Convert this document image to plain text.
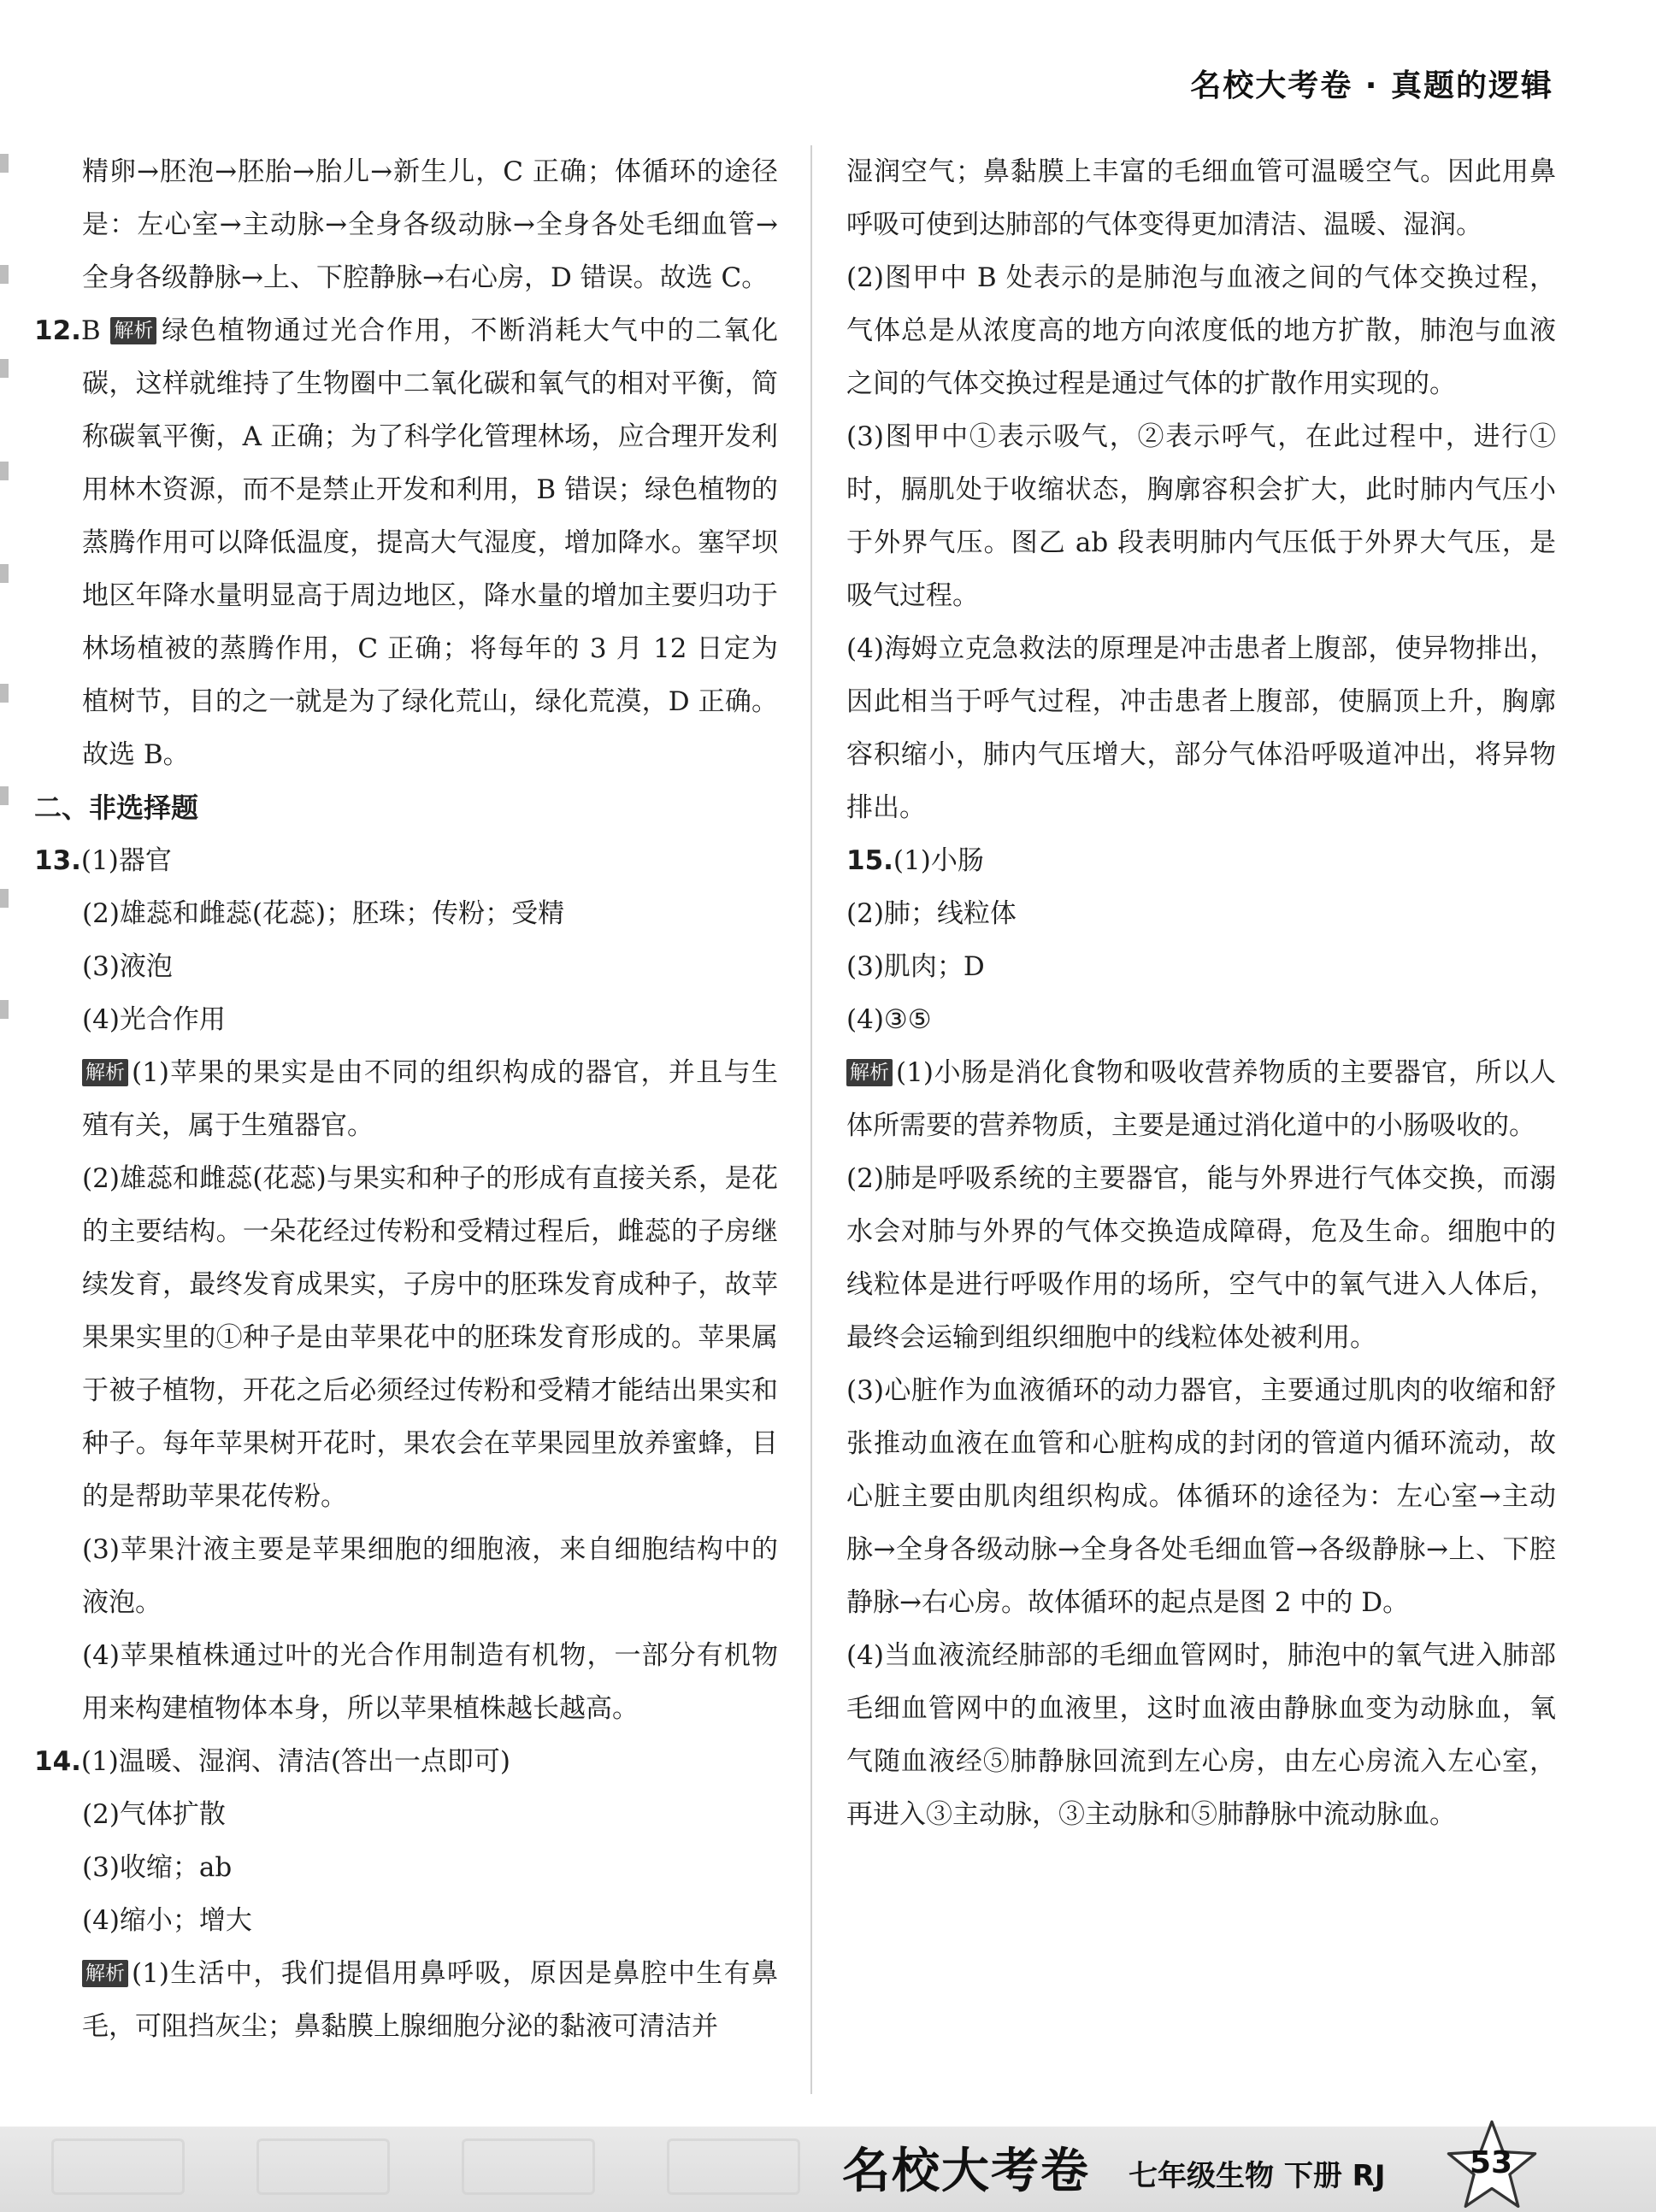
名校大考卷 · 真题的逻辑

精卵→胚泡→胚胎→胎儿→新生儿，C 正确；体循环的途径是：左心室→主动脉→全身各级动脉→全身各处毛细血管→全身各级静脉→上、下腔静脉→右心房，D 错误。故选 C。

12.B 解析 绿色植物通过光合作用，不断消耗大气中的二氧化碳，这样就维持了生物圈中二氧化碳和氧气的相对平衡，简称碳氧平衡，A 正确；为了科学化管理林场，应合理开发利用林木资源，而不是禁止开发和利用，B 错误；绿色植物的蒸腾作用可以降低温度，提高大气湿度，增加降水。塞罕坝地区年降水量明显高于周边地区，降水量的增加主要归功于林场植被的蒸腾作用，C 正确；将每年的 3 月 12 日定为植树节，目的之一就是为了绿化荒山，绿化荒漠，D 正确。故选 B。

二、非选择题

13.(1)器官

(2)雄蕊和雌蕊(花蕊)；胚珠；传粉；受精

(3)液泡

(4)光合作用

解析 (1)苹果的果实是由不同的组织构成的器官，并且与生殖有关，属于生殖器官。

(2)雄蕊和雌蕊(花蕊)与果实和种子的形成有直接关系，是花的主要结构。一朵花经过传粉和受精过程后，雌蕊的子房继续发育，最终发育成果实，子房中的胚珠发育成种子，故苹果果实里的①种子是由苹果花中的胚珠发育形成的。苹果属于被子植物，开花之后必须经过传粉和受精才能结出果实和种子。每年苹果树开花时，果农会在苹果园里放养蜜蜂，目的是帮助苹果花传粉。

(3)苹果汁液主要是苹果细胞的细胞液，来自细胞结构中的液泡。

(4)苹果植株通过叶的光合作用制造有机物，一部分有机物用来构建植物体本身，所以苹果植株越长越高。

14.(1)温暖、湿润、清洁(答出一点即可)

(2)气体扩散

(3)收缩；ab

(4)缩小；增大

解析 (1)生活中，我们提倡用鼻呼吸，原因是鼻腔中生有鼻毛，可阻挡灰尘；鼻黏膜上腺细胞分泌的黏液可清洁并

湿润空气；鼻黏膜上丰富的毛细血管可温暖空气。因此用鼻呼吸可使到达肺部的气体变得更加清洁、温暖、湿润。

(2)图甲中 B 处表示的是肺泡与血液之间的气体交换过程，气体总是从浓度高的地方向浓度低的地方扩散，肺泡与血液之间的气体交换过程是通过气体的扩散作用实现的。

(3)图甲中①表示吸气，②表示呼气，在此过程中，进行①时，膈肌处于收缩状态，胸廓容积会扩大，此时肺内气压小于外界气压。图乙 ab 段表明肺内气压低于外界大气压，是吸气过程。

(4)海姆立克急救法的原理是冲击患者上腹部，使异物排出，因此相当于呼气过程，冲击患者上腹部，使膈顶上升，胸廓容积缩小，肺内气压增大，部分气体沿呼吸道冲出，将异物排出。

15.(1)小肠

(2)肺；线粒体

(3)肌肉；D

(4)③⑤

解析 (1)小肠是消化食物和吸收营养物质的主要器官，所以人体所需要的营养物质，主要是通过消化道中的小肠吸收的。

(2)肺是呼吸系统的主要器官，能与外界进行气体交换，而溺水会对肺与外界的气体交换造成障碍，危及生命。细胞中的线粒体是进行呼吸作用的场所，空气中的氧气进入人体后，最终会运输到组织细胞中的线粒体处被利用。

(3)心脏作为血液循环的动力器官，主要通过肌肉的收缩和舒张推动血液在血管和心脏构成的封闭的管道内循环流动，故心脏主要由肌肉组织构成。体循环的途径为：左心室→主动脉→全身各级动脉→全身各处毛细血管→各级静脉→上、下腔静脉→右心房。故体循环的起点是图 2 中的 D。

(4)当血液流经肺部的毛细血管网时，肺泡中的氧气进入肺部毛细血管网中的血液里，这时血液由静脉血变为动脉血，氧气随血液经⑤肺静脉回流到左心房，由左心房流入左心室，再进入③主动脉，③主动脉和⑤肺静脉中流动脉血。

名校大考卷 七年级生物 下册 RJ	53
